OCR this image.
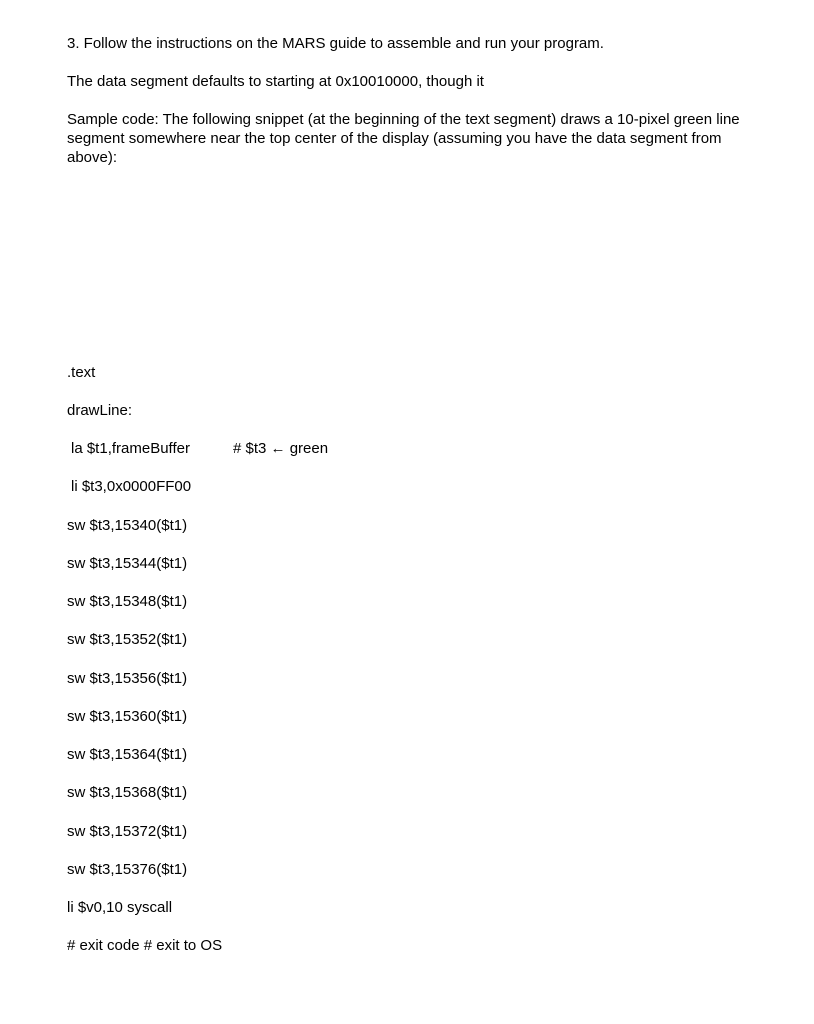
3. Follow the instructions on the MARS guide to assemble and run your program.
The data segment defaults to starting at 0x10010000, though it
Sample code: The following snippet (at the beginning of the text segment) draws a 10-pixel green line
segment somewhere near the top center of the display (assuming you have the data segment from above):
.text
drawLine:
la $t1,frameBuffer	# $t3 ← green
li $t3,0x0000FF00
sw $t3,15340($t1)
sw $t3,15344($t1)
sw $t3,15348($t1)
sw $t3,15352($t1)
sw $t3,15356($t1)
sw $t3,15360($t1)
sw $t3,15364($t1)
sw $t3,15368($t1)
sw $t3,15372($t1)
sw $t3,15376($t1)
li $v0,10 syscall
# exit code # exit to OS
